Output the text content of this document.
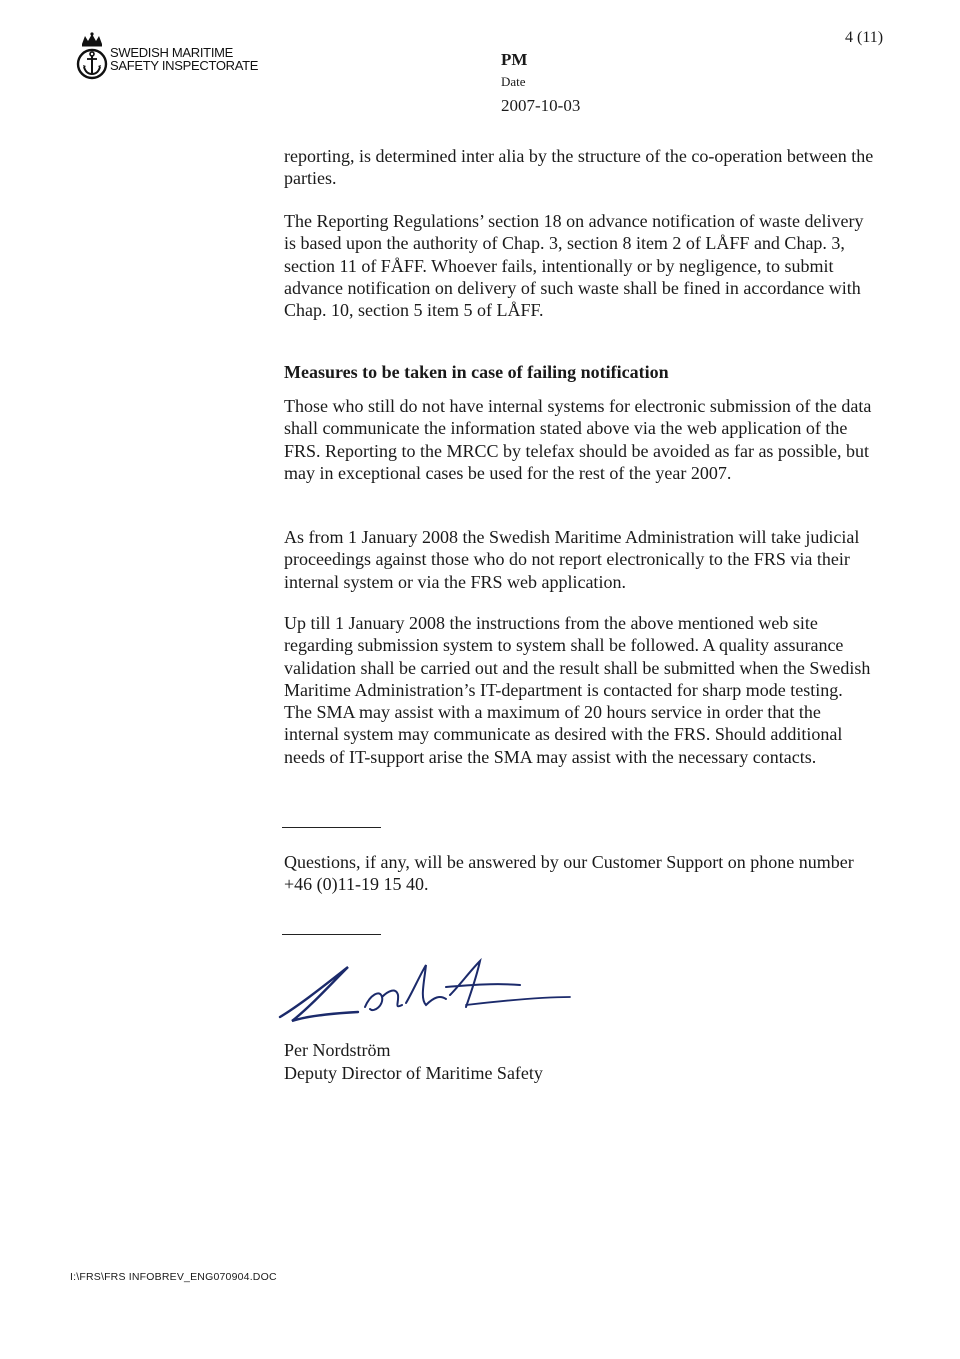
SWEDISH MARITIME
SAFETY INSPECTORATE	PM
Date
2007-10-03
4 (11)

reporting, is determined inter alia by the structure of the co-operation between the parties.

The Reporting Regulations’ section 18 on advance notification of waste delivery is based upon the authority of Chap. 3, section 8 item 2 of LÅFF and Chap. 3, section 11 of FÅFF. Whoever fails, intentionally or by negligence, to submit advance notification on delivery of such waste shall be fined in accordance with Chap. 10, section 5 item 5 of LÅFF.

Measures to be taken in case of failing notification

Those who still do not have internal systems for electronic submission of the data shall communicate the information stated above via the web application of the FRS. Reporting to the MRCC by telefax should be avoided as far as possible, but may in exceptional cases be used for the rest of the year 2007.

As from 1 January 2008 the Swedish Maritime Administration will take judicial proceedings against those who do not report electronically to the FRS via their internal system or via the FRS web application.

Up till 1 January 2008 the instructions from the above mentioned web site regarding submission system to system shall be followed. A quality assurance validation shall be carried out and the result shall be submitted when the Swedish Maritime Administration’s IT-department is contacted for sharp mode testing. The SMA may assist with a maximum of 20 hours service in order that the internal system may communicate as desired with the FRS. Should additional needs of IT-support arise the SMA may assist with the necessary contacts.

Questions, if any, will be answered by our Customer Support on phone number +46 (0)11-19 15 40.

Per Nordström
Deputy Director of Maritime Safety
I:\FRS\FRS INFOBREV_ENG070904.DOC
